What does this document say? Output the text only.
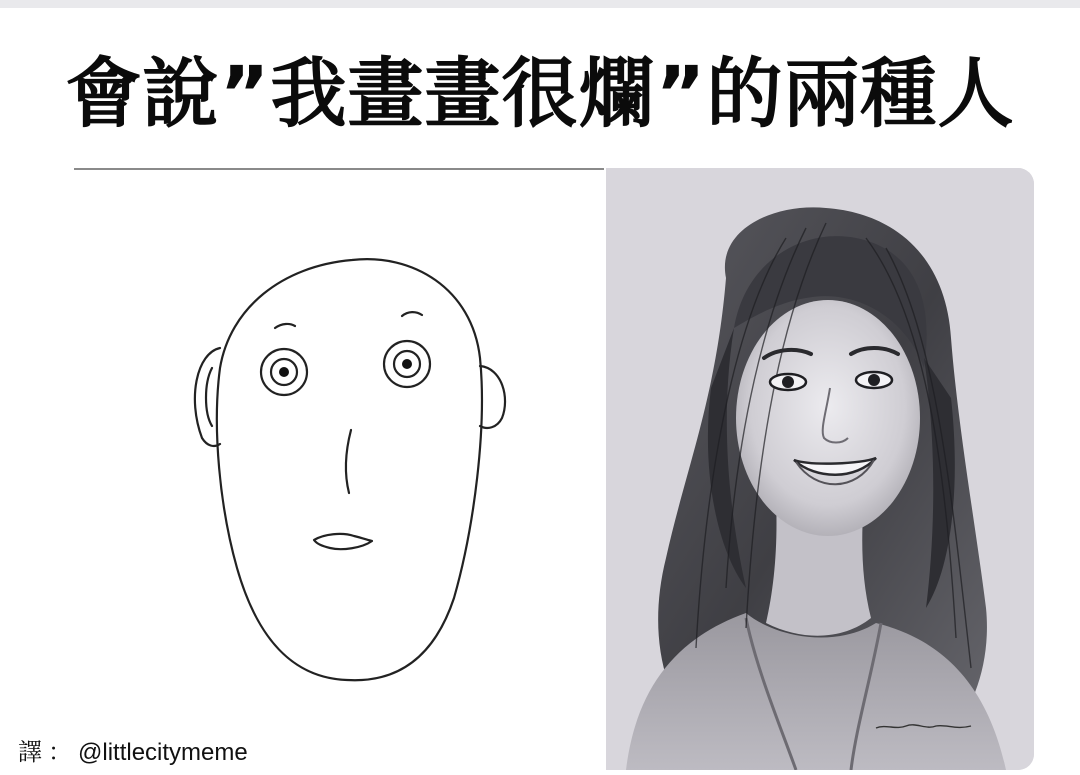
會說”我畫畫很爛”的兩種人
譯 ： @littlecitymeme
